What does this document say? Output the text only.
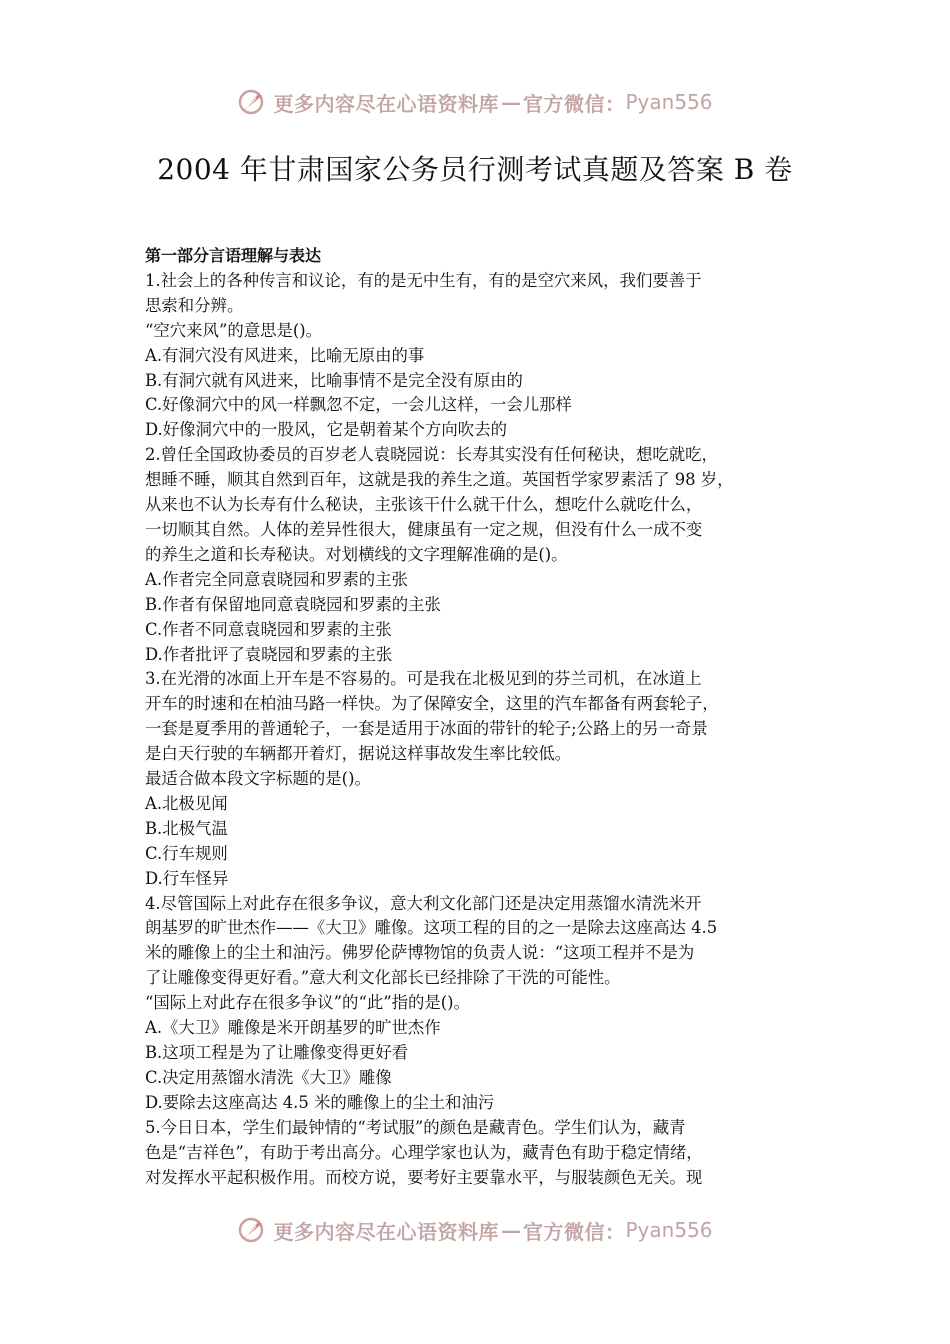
更多内容尽在心语资料库 — 官方微信： Pyan556
2004 年甘肃国家公务员行测考试真题及答案 B 卷

第一部分言语理解与表达

1.社会上的各种传言和议论，有的是无中生有，有的是空穴来风，我们要善于

思索和分辨。

“空穴来风”的意思是()。

A.有洞穴没有风进来，比喻无原由的事

B.有洞穴就有风进来，比喻事情不是完全没有原由的

C.好像洞穴中的风一样飘忽不定，一会儿这样，一会儿那样

D.好像洞穴中的一股风，它是朝着某个方向吹去的

2.曾任全国政协委员的百岁老人袁晓园说：长寿其实没有任何秘诀，想吃就吃，

想睡不睡，顺其自然到百年，这就是我的养生之道。英国哲学家罗素活了 98 岁，

从来也不认为长寿有什么秘诀，主张该干什么就干什么，想吃什么就吃什么，

一切顺其自然。人体的差异性很大，健康虽有一定之规，但没有什么一成不变

的养生之道和长寿秘诀。对划横线的文字理解准确的是()。

A.作者完全同意袁晓园和罗素的主张

B.作者有保留地同意袁晓园和罗素的主张

C.作者不同意袁晓园和罗素的主张

D.作者批评了袁晓园和罗素的主张

3.在光滑的冰面上开车是不容易的。可是我在北极见到的芬兰司机，在冰道上

开车的时速和在柏油马路一样快。为了保障安全，这里的汽车都备有两套轮子，

一套是夏季用的普通轮子，一套是适用于冰面的带针的轮子;公路上的另一奇景

是白天行驶的车辆都开着灯，据说这样事故发生率比较低。

最适合做本段文字标题的是()。

A.北极见闻

B.北极气温

C.行车规则

D.行车怪异

4.尽管国际上对此存在很多争议，意大利文化部门还是决定用蒸馏水清洗米开

朗基罗的旷世杰作——《大卫》雕像。这项工程的目的之一是除去这座高达 4.5

米的雕像上的尘土和油污。佛罗伦萨博物馆的负责人说：“这项工程并不是为

了让雕像变得更好看。”意大利文化部长已经排除了干洗的可能性。

“国际上对此存在很多争议”的“此”指的是()。

A.《大卫》雕像是米开朗基罗的旷世杰作

B.这项工程是为了让雕像变得更好看

C.决定用蒸馏水清洗《大卫》雕像

D.要除去这座高达 4.5 米的雕像上的尘土和油污

5.今日日本，学生们最钟情的“考试服”的颜色是藏青色。学生们认为，藏青

色是“吉祥色”，有助于考出高分。心理学家也认为，藏青色有助于稳定情绪，

对发挥水平起积极作用。而校方说，要考好主要靠水平，与服装颜色无关。现

更多内容尽在心语资料库 — 官方微信： Pyan556
